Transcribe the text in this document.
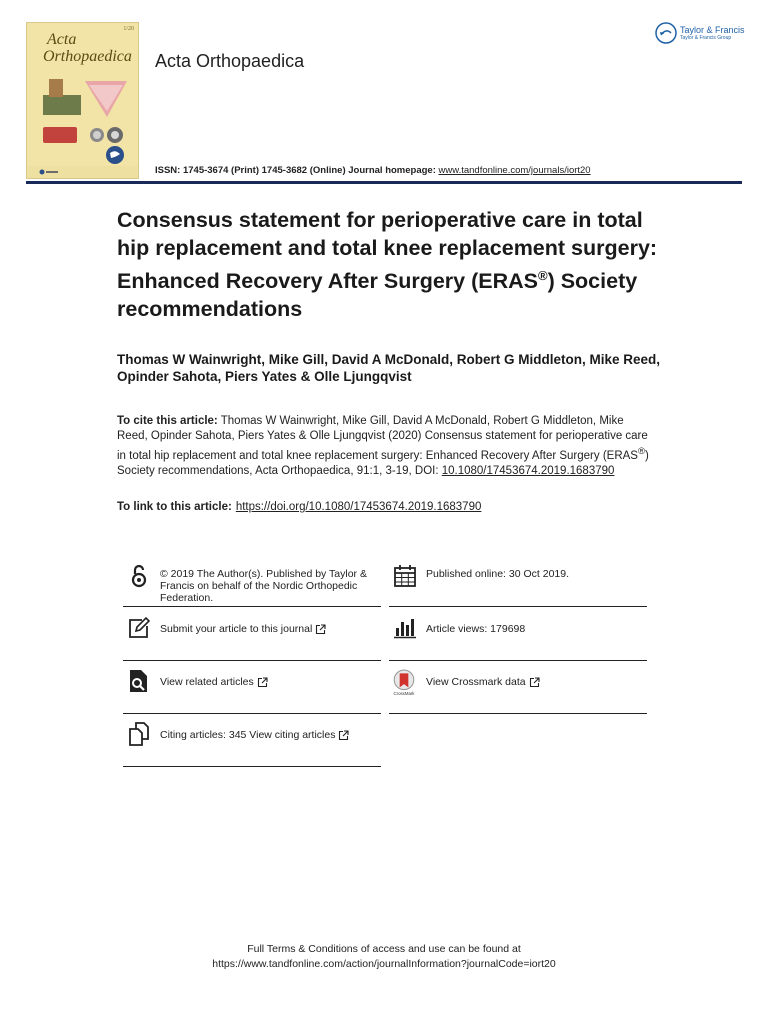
1/20
Acta
Orthopaedica Acta Orthopaedica
Taylor & Francis
Taylor & Francis Group
ISSN: 1745-3674 (Print) 1745-3682 (Online) Journal homepage: www.tandfonline.com/journals/iort20
Consensus statement for perioperative care in total hip replacement and total knee replacement surgery: Enhanced Recovery After Surgery (ERAS®) Society recommendations
Thomas W Wainwright, Mike Gill, David A McDonald, Robert G Middleton, Mike Reed, Opinder Sahota, Piers Yates & Olle Ljungqvist
To cite this article: Thomas W Wainwright, Mike Gill, David A McDonald, Robert G Middleton, Mike Reed, Opinder Sahota, Piers Yates & Olle Ljungqvist (2020) Consensus statement for perioperative care in total hip replacement and total knee replacement surgery: Enhanced Recovery After Surgery (ERAS®) Society recommendations, Acta Orthopaedica, 91:1, 3-19, DOI: 10.1080/17453674.2019.1683790
To link to this article: https://doi.org/10.1080/17453674.2019.1683790
© 2019 The Author(s). Published by Taylor & Francis on behalf of the Nordic Orthopedic Federation.
Published online: 30 Oct 2019.
Submit your article to this journal	Article views: 179698
View related articles
CrossMark
View Crossmark data
Citing articles: 345 View citing articles
Full Terms & Conditions of access and use can be found at
https://www.tandfonline.com/action/journalInformation?journalCode=iort20
